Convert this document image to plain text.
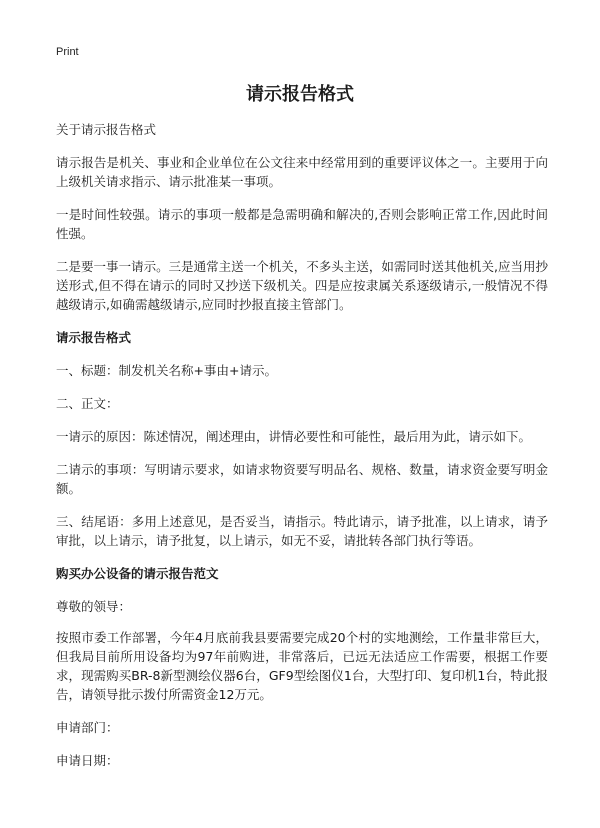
Print
请示报告格式

关于请示报告格式

请示报告是机关、事业和企业单位在公文往来中经常用到的重要评议体之一。主要用于向上级机关请求指示、请示批准某一事项。

一是时间性较强。请示的事项一般都是急需明确和解决的,否则会影响正常工作,因此时间性强。

二是要一事一请示。三是通常主送一个机关，不多头主送，如需同时送其他机关,应当用抄送形式,但不得在请示的同时又抄送下级机关。四是应按隶属关系逐级请示,一般情况不得越级请示,如确需越级请示,应同时抄报直接主管部门。

请示报告格式

一、标题：制发机关名称+事由+请示。

二、正文：

一请示的原因：陈述情况，阐述理由，讲情必要性和可能性，最后用为此，请示如下。

二请示的事项：写明请示要求，如请求物资要写明品名、规格、数量，请求资金要写明金额。

三、结尾语：多用上述意见，是否妥当，请指示。特此请示，请予批准，以上请求，请予审批，以上请示，请予批复，以上请示，如无不妥，请批转各部门执行等语。

购买办公设备的请示报告范文

尊敬的领导：

按照市委工作部署，今年4月底前我县要需要完成20个村的实地测绘，工作量非常巨大，但我局目前所用设备均为97年前购进，非常落后，已远无法适应工作需要，根据工作要求，现需购买BR-8新型测绘仪器6台，GF9型绘图仪1台，大型打印、复印机1台，特此报告，请领导批示拨付所需资金12万元。

申请部门：

申请日期：
